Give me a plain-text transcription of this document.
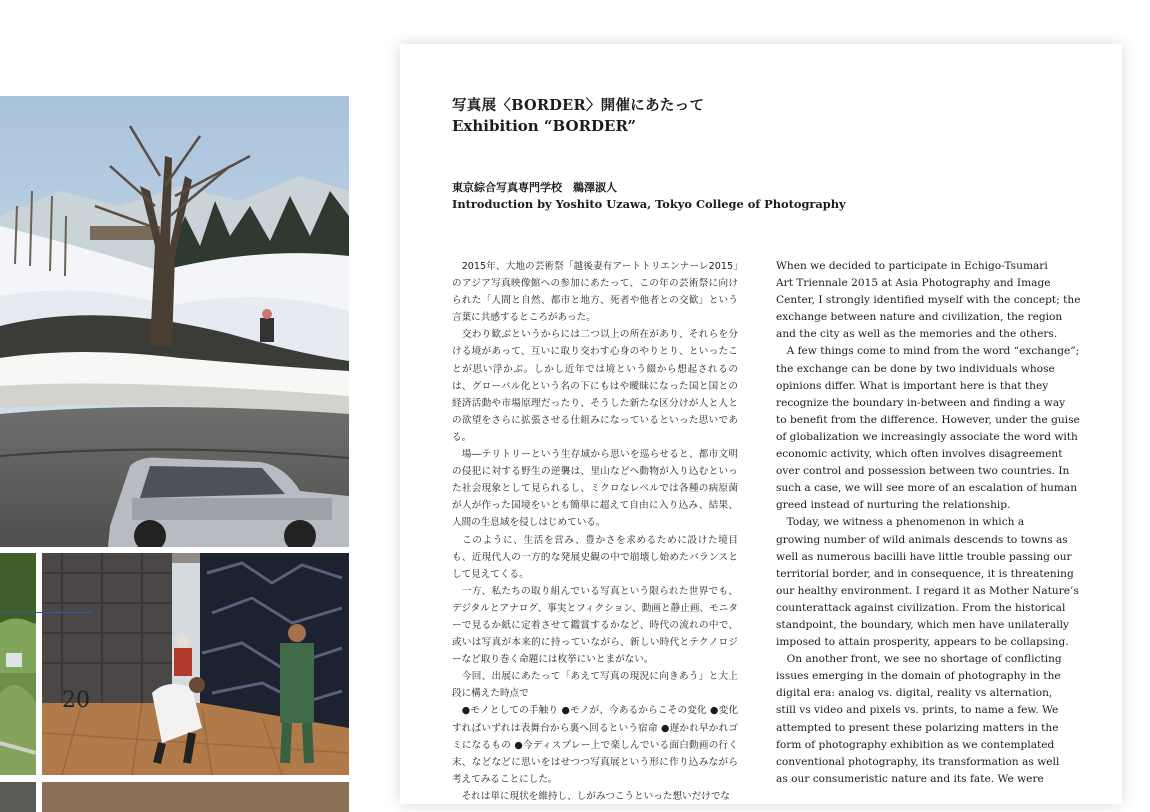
20
写真展〈BORDER〉開催にあたって
Exhibition “BORDER”
東京綜合写真専門学校　鵜澤淑人
Introduction by Yoshito Uzawa, Tokyo College of Photography

　2015年、大地の芸術祭「越後妻有アートトリエンナーレ2015」のアジア写真映像館への参加にあたって、この年の芸術祭に向けられた「人間と自然、都市と地方、死者や他者との交歓」という言葉に共感するところがあった。

　交わり歓ぶというからには二つ以上の所在があり、それらを分ける境があって、互いに取り交わす心身のやりとり、といったことが思い浮かぶ。しかし近年では境という綴から想起されるのは、グローバル化という名の下にもはや曖昧になった国と国との経済活動や市場原理だったり、そうした新たな区分けが人と人との欲望をさらに拡張させる仕組みになっているといった思いである。

　場―テリトリーという生存域から思いを巡らせると、都市文明の侵犯に対する野生の逆襲は、里山などへ動物が入り込むといった社会現象として見られるし、ミクロなレベルでは各種の病原菌が人が作った国境をいとも簡単に超えて自由に入り込み、結果、人間の生息域を侵しはじめている。

　このように、生活を営み、豊かさを求めるために設けた境目も、近現代人の一方的な発展史観の中で崩壊し始めたバランスとして見えてくる。

　一方、私たちの取り組んでいる写真という限られた世界でも、デジタルとアナログ、事実とフィクション、動画と静止画、モニターで見るか紙に定着させて鑑賞するかなど、時代の流れの中で、或いは写真が本来的に持っていながら、新しい時代とテクノロジーなど取り巻く命題には枚挙にいとまがない。

　今回、出展にあたって「あえて写真の現況に向きあう」と大上段に構えた時点で

　●モノとしての手触り ●モノが、今あるからこその変化 ●変化すればいずれは表舞台から裏へ回るという宿命 ●遅かれ早かれゴミになるもの ●今ディスプレー上で楽しんでいる面白動画の行く末、などなどに思いをはせつつ写真展という形に作り込みながら考えてみることにした。

　それは単に現状を維持し、しがみつこうといった想いだけでな

When we decided to participate in Echigo-Tsumari
Art Triennale 2015 at Asia Photography and Image
Center, I strongly identified myself with the concept; the
exchange between nature and civilization, the region
and the city as well as the memories and the others.

　A few things come to mind from the word “exchange”;
the exchange can be done by two individuals whose
opinions differ. What is important here is that they
recognize the boundary in-between and finding a way
to benefit from the difference. However, under the guise
of globalization we increasingly associate the word with
economic activity, which often involves disagreement
over control and possession between two countries. In
such a case, we will see more of an escalation of human
greed instead of nurturing the relationship.

　Today, we witness a phenomenon in which a
growing number of wild animals descends to towns as
well as numerous bacilli have little trouble passing our
territorial border, and in consequence, it is threatening
our healthy environment. I regard it as Mother Nature’s
counterattack against civilization. From the historical
standpoint, the boundary, which men have unilaterally
imposed to attain prosperity, appears to be collapsing.

　On another front, we see no shortage of conflicting
issues emerging in the domain of photography in the
digital era: analog vs. digital, reality vs alternation,
still vs video and pixels vs. prints, to name a few. We
attempted to present these polarizing matters in the
form of photography exhibition as we contemplated
conventional photography, its transformation as well
as our consumeristic nature and its fate. We were
